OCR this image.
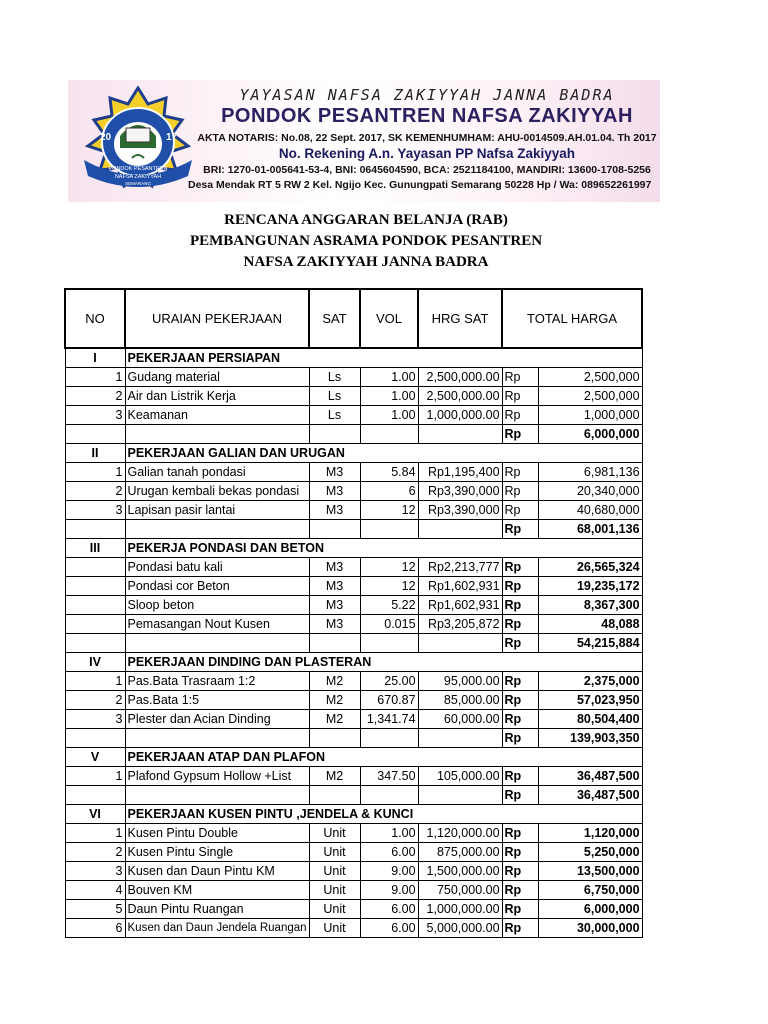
20	17
PONDOK PESANTREN
NAFSA ZAKIYYAH
SEMARANG
YAYASAN NAFSA ZAKIYYAH JANNA BADRA
PONDOK PESANTREN NAFSA ZAKIYYAH
AKTA NOTARIS: No.08, 22 Sept. 2017, SK KEMENHUMHAM: AHU-0014509.AH.01.04. Th 2017
No. Rekening A.n. Yayasan PP Nafsa Zakiyyah
BRI: 1270-01-005641-53-4, BNI: 0645604590, BCA: 2521184100, MANDIRI: 13600-1708-5256
Desa Mendak RT 5 RW 2 Kel. Ngijo Kec. Gunungpati Semarang 50228 Hp / Wa: 089652261997
RENCANA ANGGARAN BELANJA (RAB)
PEMBANGUNAN ASRAMA PONDOK PESANTREN
NAFSA ZAKIYYAH JANNA BADRA
NO	URAIAN PEKERJAAN	SAT	VOL	HRG SAT	TOTAL HARGA	
I	PEKERJAAN PERSIAPAN					
1	Gudang material	Ls	1.00	2,500,000.00	Rp	2,500,000
2	Air dan Listrik Kerja	Ls	1.00	2,500,000.00	Rp	2,500,000
3	Keamanan	Ls	1.00	1,000,000.00	Rp	1,000,000
					Rp	6,000,000
II	PEKERJAAN GALIAN DAN URUGAN					
1	Galian tanah pondasi	M3	5.84	Rp1,195,400	Rp	6,981,136
2	Urugan kembali bekas pondasi	M3	6	Rp3,390,000	Rp	20,340,000
3	Lapisan pasir lantai	M3	12	Rp3,390,000	Rp	40,680,000
					Rp	68,001,136
III	PEKERJA PONDASI DAN BETON					
	Pondasi batu kali	M3	12	Rp2,213,777	Rp	26,565,324
	Pondasi cor Beton	M3	12	Rp1,602,931	Rp	19,235,172
	Sloop beton	M3	5.22	Rp1,602,931	Rp	8,367,300
	Pemasangan Nout Kusen	M3	0.015	Rp3,205,872	Rp	48,088
					Rp	54,215,884
IV	PEKERJAAN DINDING DAN PLASTERAN					
1	Pas.Bata Trasraam 1:2	M2	25.00	95,000.00	Rp	2,375,000
2	Pas.Bata 1:5	M2	670.87	85,000.00	Rp	57,023,950
3	Plester dan Acian Dinding	M2	1,341.74	60,000.00	Rp	80,504,400
					Rp	139,903,350
V	PEKERJAAN ATAP DAN PLAFON					
1	Plafond Gypsum Hollow +List	M2	347.50	105,000.00	Rp	36,487,500
					Rp	36,487,500
VI	PEKERJAAN KUSEN PINTU ,JENDELA & KUNCI					
1	Kusen Pintu Double	Unit	1.00	1,120,000.00	Rp	1,120,000
2	Kusen Pintu Single	Unit	6.00	875,000.00	Rp	5,250,000
3	Kusen dan Daun Pintu KM	Unit	9.00	1,500,000.00	Rp	13,500,000
4	Bouven KM	Unit	9.00	750,000.00	Rp	6,750,000
5	Daun Pintu Ruangan	Unit	6.00	1,000,000.00	Rp	6,000,000
6	Kusen dan Daun Jendela Ruangan	Unit	6.00	5,000,000.00	Rp	30,000,000
